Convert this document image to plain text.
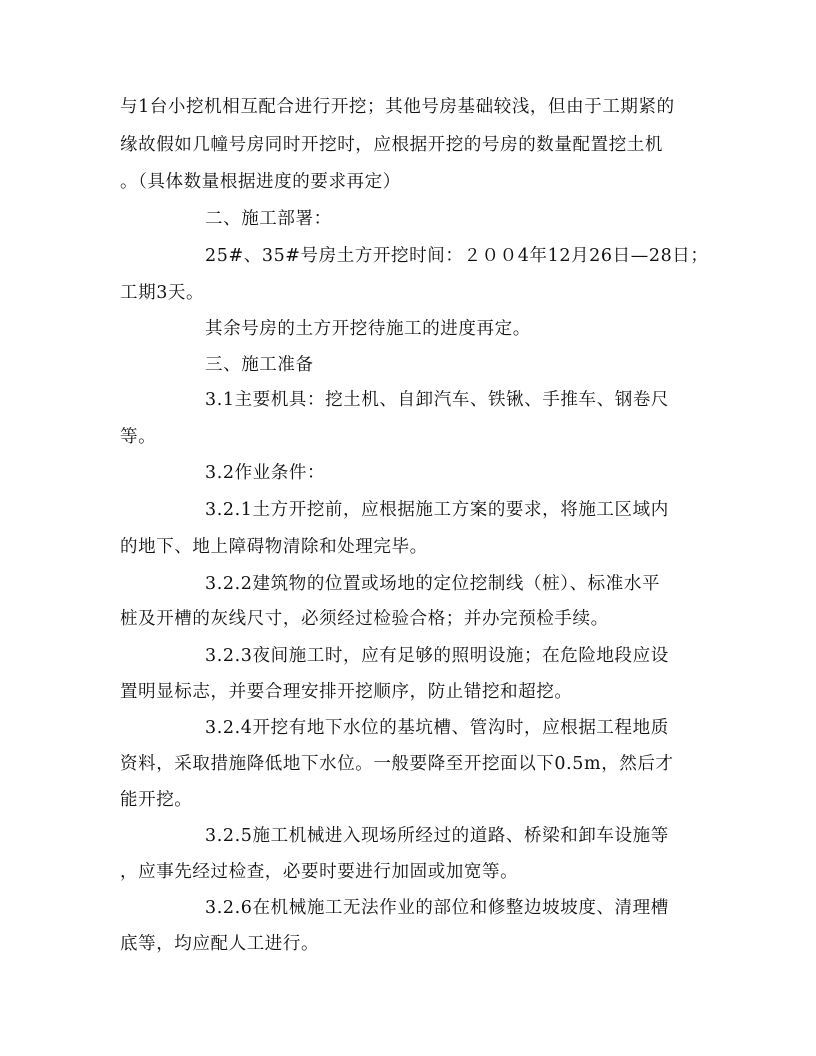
与1台小挖机相互配合进行开挖；其他号房基础较浅，但由于工期紧的
缘故假如几幢号房同时开挖时，应根据开挖的号房的数量配置挖土机
。（具体数量根据进度的要求再定）
二、施工部署：
25#、35#号房土方开挖时间：２００4年12月26日—28日；
工期3天。
其余号房的土方开挖待施工的进度再定。
三、施工准备
3.1主要机具：挖土机、自卸汽车、铁锹、手推车、钢卷尺
等。
3.2作业条件：
3.2.1土方开挖前，应根据施工方案的要求，将施工区域内
的地下、地上障碍物清除和处理完毕。
3.2.2建筑物的位置或场地的定位挖制线（桩）、标准水平
桩及开槽的灰线尺寸，必须经过检验合格；并办完预检手续。
3.2.3夜间施工时，应有足够的照明设施；在危险地段应设
置明显标志，并要合理安排开挖顺序，防止错挖和超挖。
3.2.4开挖有地下水位的基坑槽、管沟时，应根据工程地质
资料，采取措施降低地下水位。一般要降至开挖面以下0.5m，然后才
能开挖。
3.2.5施工机械进入现场所经过的道路、桥梁和卸车设施等
，应事先经过检查，必要时要进行加固或加宽等。
3.2.6在机械施工无法作业的部位和修整边坡坡度、清理槽
底等，均应配人工进行。
